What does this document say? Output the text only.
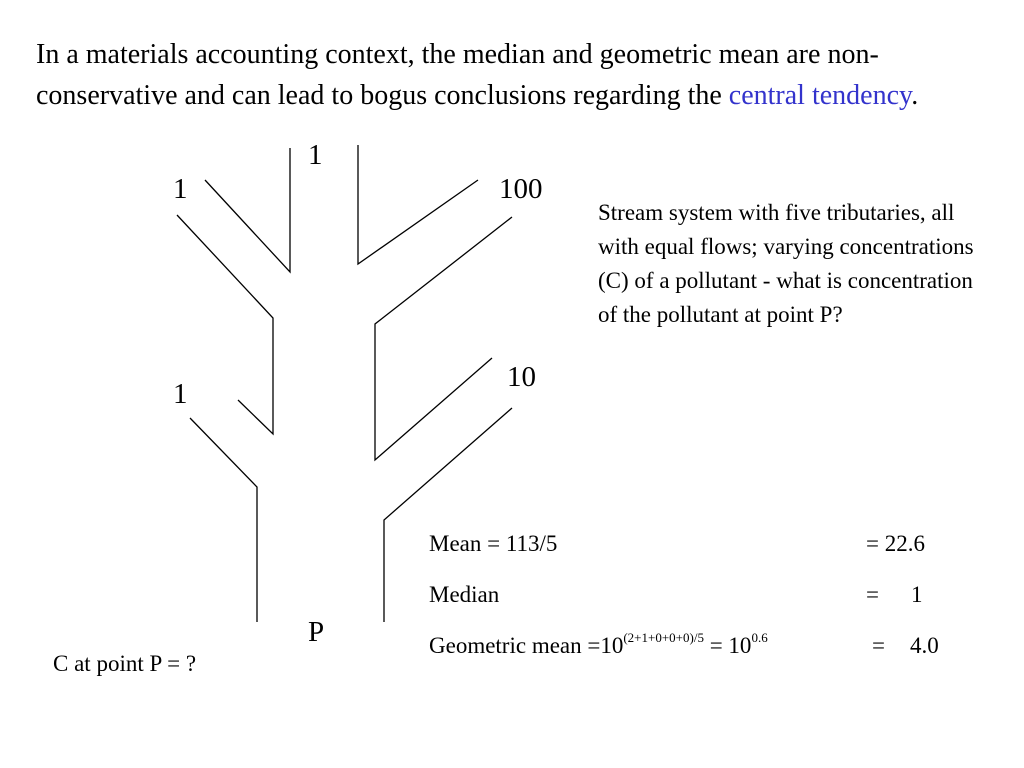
In a materials accounting context, the median and geometric mean are non-conservative and can lead to bogus conclusions regarding the central tendency.
1
1	100
10
1
P
Stream system with five tributaries, all with equal flows; varying concentrations (C) of a pollutant - what is concentration of the pollutant at point P?
Mean = 113/5	= 22.6
Median	= 1
Geometric mean $=10^{(2+1+0+0+0)/5} = 10^{0.6}$	= 4.0
C at point P = ?
